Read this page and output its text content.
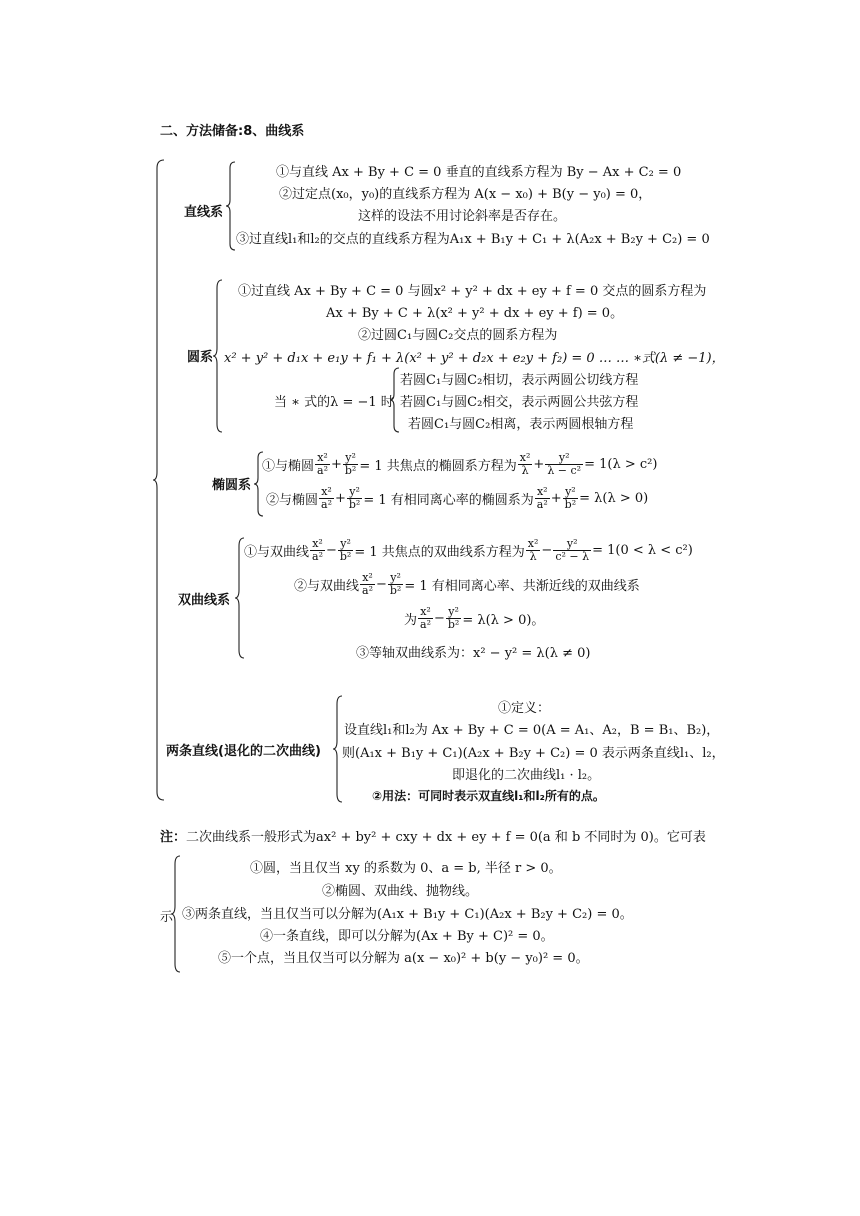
二、方法储备:8、曲线系
直线系
①与直线 Ax + By + C = 0 垂直的直线系方程为 By − Ax + C₂ = 0
②过定点(x₀，y₀)的直线系方程为 A(x − x₀) + B(y − y₀) = 0，
这样的设法不用讨论斜率是否存在。
③过直线l₁和l₂的交点的直线系方程为A₁x + B₁y + C₁ + λ(A₂x + B₂y + C₂) = 0
圆系
①过直线 Ax + By + C = 0 与圆x² + y² + dx + ey + f = 0 交点的圆系方程为
Ax + By + C + λ(x² + y² + dx + ey + f) = 0。
②过圆C₁与圆C₂交点的圆系方程为
x² + y² + d₁x + e₁y + f₁ + λ(x² + y² + d₂x + e₂y + f₂) = 0 … … ∗式(λ ≠ −1)，
当 ∗ 式的λ = −1 时
若圆C₁与圆C₂相切，表示两圆公切线方程
若圆C₁与圆C₂相交，表示两圆公共弦方程
若圆C₁与圆C₂相离，表示两圆根轴方程
椭圆系
①与椭圆 $\frac{\text{x²}}{\text{a²}} + \frac{\text{y²}}{\text{b²}} = 1$ 共焦点的椭圆系方程为 $\frac{\text{x²}}{\lambda} + \frac{\text{y²}}{\text{λ − c²}} = 1(\lambda > c^2)$
②与椭圆 $\frac{\text{x²}}{\text{a²}} + \frac{\text{y²}}{\text{b²}} = 1$ 有相同离心率的椭圆系为 $\frac{\text{x²}}{\text{a²}} + \frac{\text{y²}}{\text{b²}} = \lambda(\lambda > 0)$
双曲线系
①与双曲线 $\frac{\text{x²}}{\text{a²}} - \frac{\text{y²}}{\text{b²}} = 1$ 共焦点的双曲线系方程为 $\frac{\text{x²}}{\lambda} - \frac{\text{y²}}{\text{c² − λ}} = 1(0 < \lambda < c^2)$
②与双曲线 $\frac{\text{x²}}{\text{a²}} - \frac{\text{y²}}{\text{b²}} = 1$ 有相同离心率、共渐近线的双曲线系
为 $\frac{\text{x²}}{\text{a²}} - \frac{\text{y²}}{\text{b²}} = \lambda(\lambda > 0)$。
③等轴双曲线系为：x² − y² = λ(λ ≠ 0)
两条直线(退化的二次曲线)
①定义：
设直线l₁和l₂为 Ax + By + C = 0(A = A₁、A₂，B = B₁、B₂)，
则(A₁x + B₁y + C₁)(A₂x + B₂y + C₂) = 0 表示两条直线l₁、l₂，
即退化的二次曲线l₁ · l₂。
②用法：可同时表示双直线l₁和l₂所有的点。
注：二次曲线系一般形式为ax² + by² + cxy + dx + ey + f = 0(a 和 b 不同时为 0)。它可表
示
①圆，当且仅当 xy 的系数为 0、a = b, 半径 r > 0。
②椭圆、双曲线、抛物线。
③两条直线，当且仅当可以分解为(A₁x + B₁y + C₁)(A₂x + B₂y + C₂) = 0。
④一条直线，即可以分解为(Ax + By + C)² = 0。
⑤一个点，当且仅当可以分解为 a(x − x₀)² + b(y − y₀)² = 0。
